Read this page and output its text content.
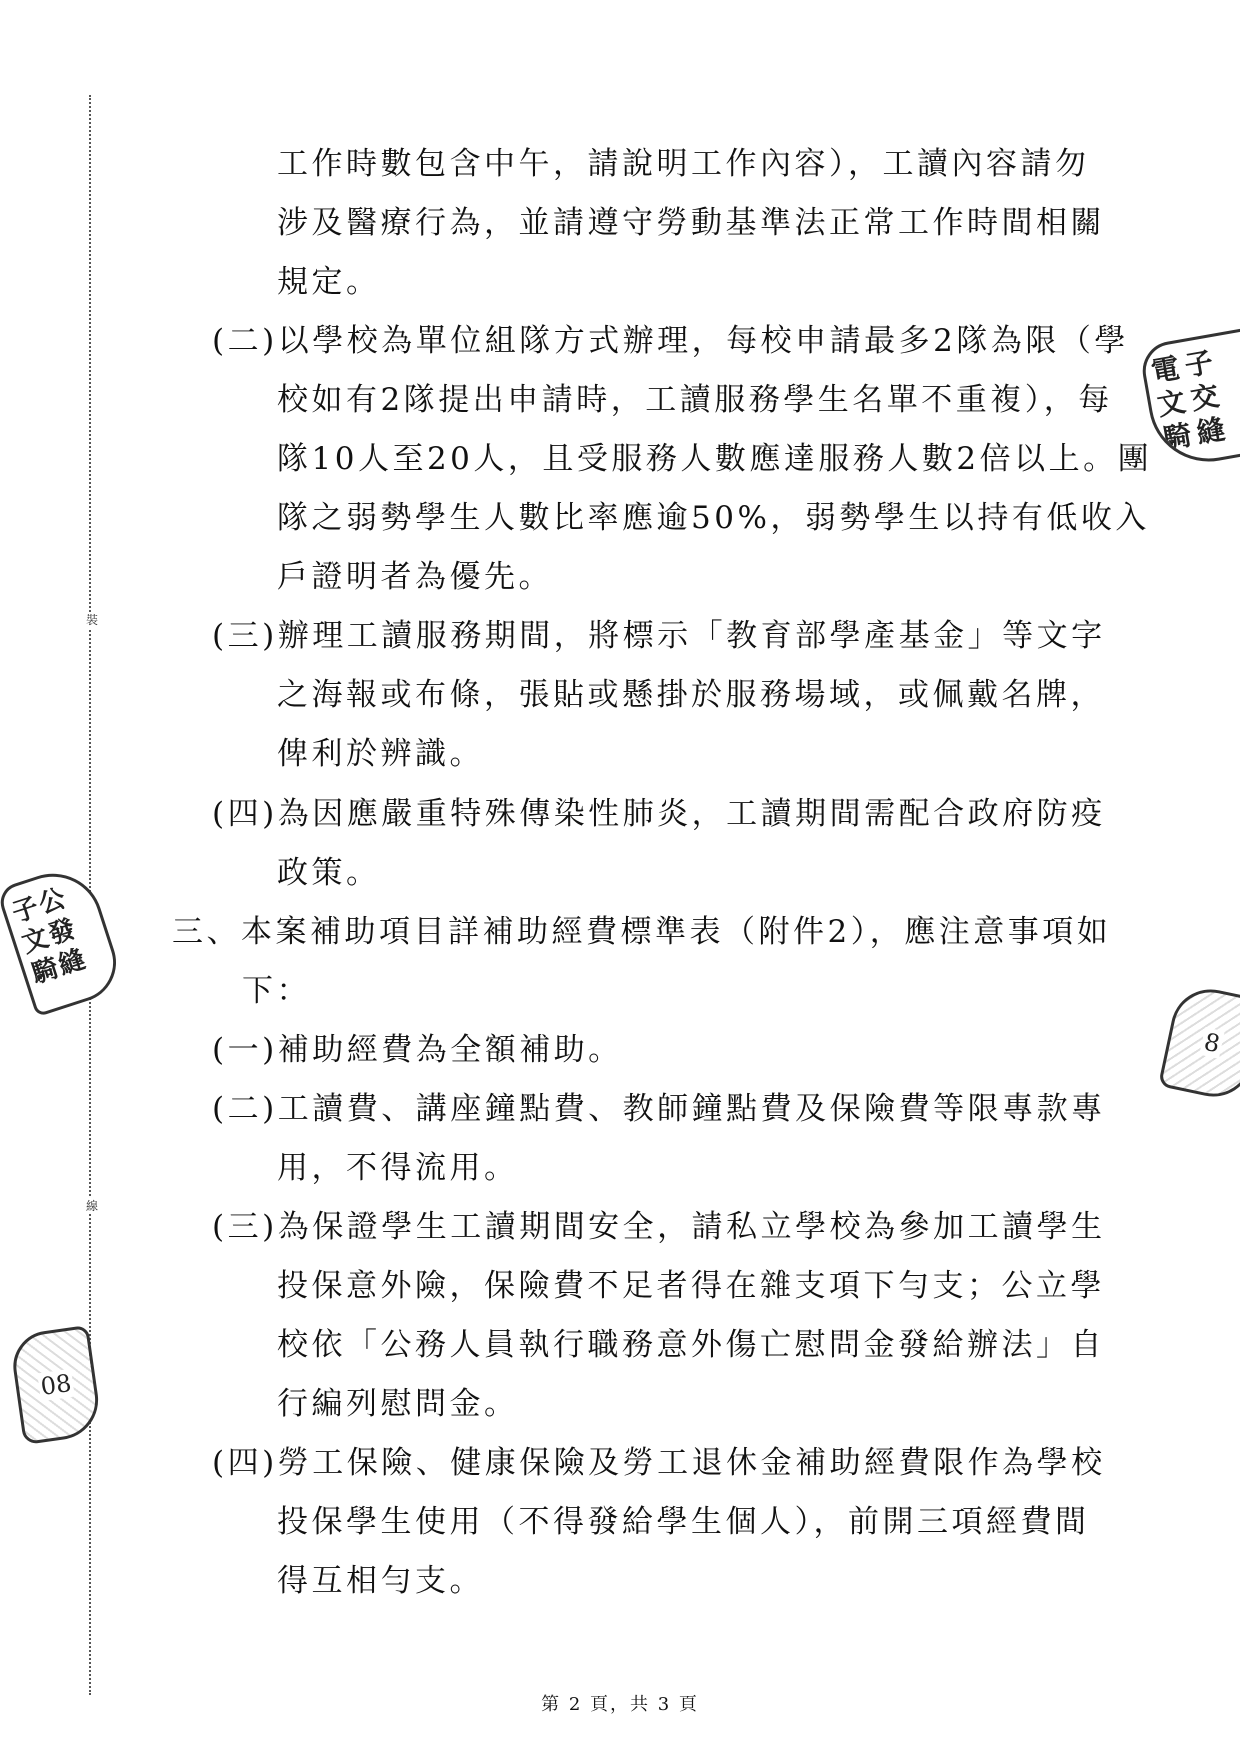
裝
線
工作時數包含中午，請說明工作內容），工讀內容請勿
涉及醫療行為，並請遵守勞動基準法正常工作時間相關
規定。
(二)以學校為單位組隊方式辦理，每校申請最多2隊為限（學
校如有2隊提出申請時，工讀服務學生名單不重複），每
隊10人至20人，且受服務人數應達服務人數2倍以上。團
隊之弱勢學生人數比率應逾50%，弱勢學生以持有低收入
戶證明者為優先。
(三)辦理工讀服務期間，將標示「教育部學產基金」等文字
之海報或布條，張貼或懸掛於服務場域，或佩戴名牌，
俾利於辨識。
(四)為因應嚴重特殊傳染性肺炎，工讀期間需配合政府防疫
政策。
三、本案補助項目詳補助經費標準表（附件2），應注意事項如
下：
(一)補助經費為全額補助。
(二)工讀費、講座鐘點費、教師鐘點費及保險費等限專款專
用，不得流用。
(三)為保證學生工讀期間安全，請私立學校為參加工讀學生
投保意外險，保險費不足者得在雜支項下勻支；公立學
校依「公務人員執行職務意外傷亡慰問金發給辦法」自
行編列慰問金。
(四)勞工保險、健康保險及勞工退休金補助經費限作為學校
投保學生使用（不得發給學生個人），前開三項經費間
得互相勻支。
電 子
文 交
騎 縫
子公
文發
騎縫
8
08
第 2 頁，共 3 頁
